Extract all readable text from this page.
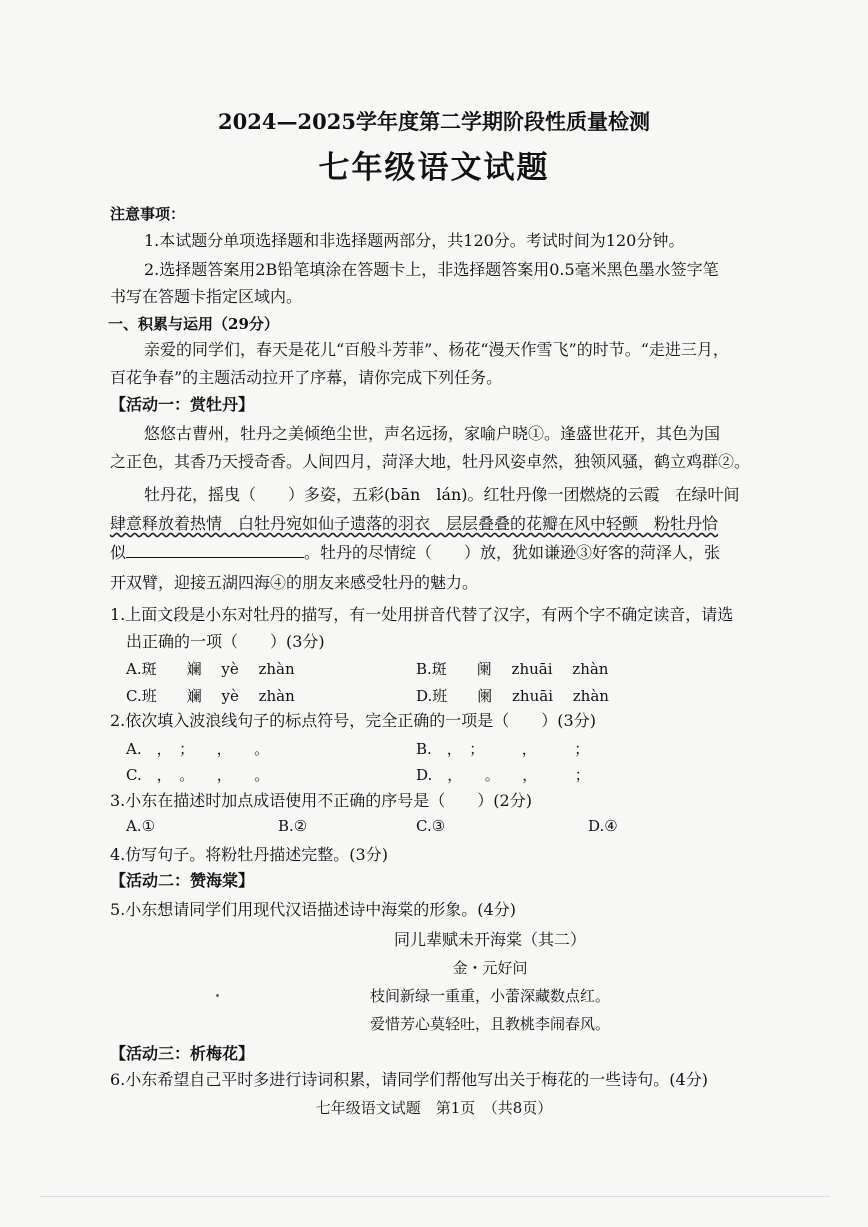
2024—2025学年度第二学期阶段性质量检测
七年级语文试题
注意事项：
1.本试题分单项选择题和非选择题两部分，共120分。考试时间为120分钟。
2.选择题答案用2B铅笔填涂在答题卡上，非选择题答案用0.5毫米黑色墨水签字笔
书写在答题卡指定区域内。
一、积累与运用（29分）
亲爱的同学们，春天是花儿“百般斗芳菲”、杨花“漫天作雪飞”的时节。“走进三月，
百花争春”的主题活动拉开了序幕，请你完成下列任务。
【活动一：赏牡丹】
悠悠古曹州，牡丹之美倾绝尘世，声名远扬，家喻户晓①。逢盛世花开，其色为国
之正色，其香乃天授奇香。人间四月，菏泽大地，牡丹风姿卓然，独领风骚，鹤立鸡群②。
牡丹花，摇曳（　　）多姿，五彩(bān　lán)。红牡丹像一团燃烧的云霞　在绿叶间
肆意释放着热情　白牡丹宛如仙子遗落的羽衣　层层叠叠的花瓣在风中轻颤　粉牡丹恰
似	。牡丹的尽情绽（　　）放，犹如谦逊③好客的菏泽人，张
开双臂，迎接五湖四海④的朋友来感受牡丹的魅力。
1.上面文段是小东对牡丹的描写，有一处用拼音代替了汉字，有两个字不确定读音，请选
出正确的一项（　　）(3分)
A.斑　　斓　 yè　 zhàn	B.斑　　阑　 zhuāi　 zhàn
C.班　　斓　 yè　 zhàn	D.班　　阑　 zhuāi　 zhàn
2.依次填入波浪线句子的标点符号，完全正确的一项是（　　）(3分)
A.　，　；　　，　　。	B.　，　；　　　，　　　；
C.　，　。　　，　　。	D.　，　　。　　，　　　；
3.小东在描述时加点成语使用不正确的序号是（　　）(2分)
A.①	B.②	C.③	D.④
4.仿写句子。将粉牡丹描述完整。(3分)
【活动二：赞海棠】
5.小东想请同学们用现代汉语描述诗中海棠的形象。(4分)
同儿辈赋未开海棠（其二）
金・元好问
枝间新绿一重重，小蕾深藏数点红。
爱惜芳心莫轻吐，且教桃李闹春风。
【活动三：析梅花】
6.小东希望自己平时多进行诗词积累，请同学们帮他写出关于梅花的一些诗句。(4分)
七年级语文试题　第1页　（共8页）
